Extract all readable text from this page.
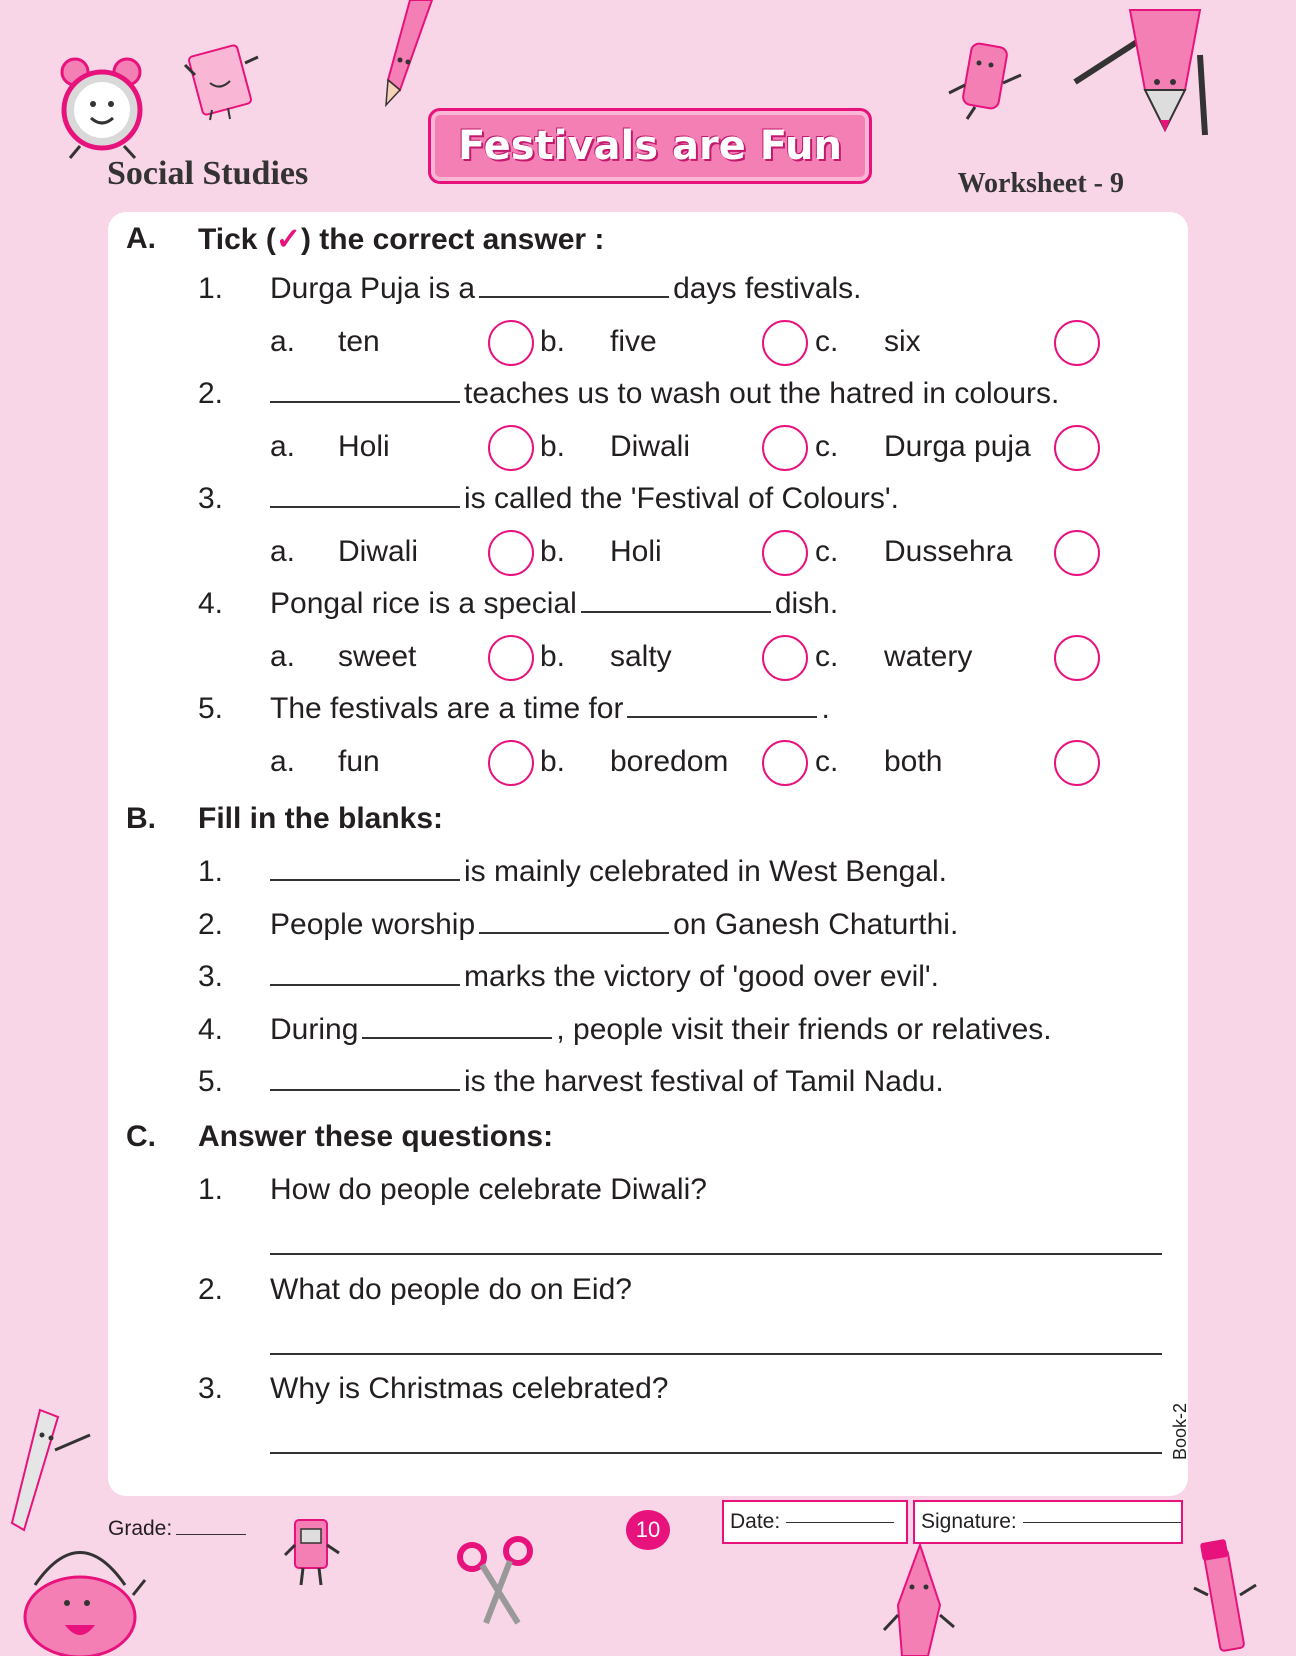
Social Studies
Festivals are Fun
Worksheet - 9
A. Tick (✓) the correct answer :
1. Durga Puja is a	days festivals.
a. ten	b. five	c. six
2.	teaches us to wash out the hatred in colours.
a. Holi	b. Diwali	c. Durga puja
3.	is called the 'Festival of Colours'.
a. Diwali	b. Holi	c. Dussehra
4. Pongal rice is a special	dish.
a. sweet	b. salty	c. watery
5. The festivals are a time for	.
a. fun	b. boredom	c. both
B. Fill in the blanks:
1.	is mainly celebrated in West Bengal.
2. People worship	on Ganesh Chaturthi.
3.	marks the victory of 'good over evil'.
4. During	, people visit their friends or relatives.
5.	is the harvest festival of Tamil Nadu.
C. Answer these questions:
1. How do people celebrate Diwali?
2. What do people do on Eid?
3. Why is Christmas celebrated?
Grade:	10	Date:	Signature:
Book-2
